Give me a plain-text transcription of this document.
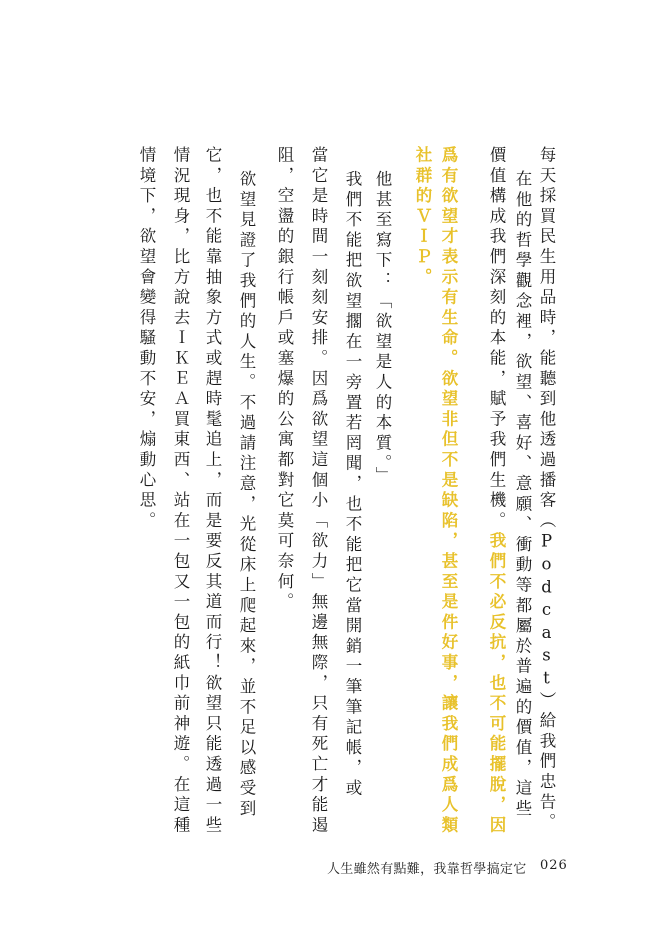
每天採買民生用品時，能聽到他透過播客（Podcast）給我們忠告。
在他的哲學觀念裡，欲望、喜好、意願、衝動等都屬於普遍的價值，這些
價值構成我們深刻的本能，賦予我們生機。我們不必反抗，也不可能擺脫，因
爲有欲望才表示有生命。欲望非但不是缺陷，甚至是件好事，讓我們成爲人類
社群的ＶＩＰ。
他甚至寫下：「欲望是人的本質。」
我們不能把欲望擱在一旁置若罔聞，也不能把它當開銷一筆筆記帳，或
當它是時間一刻刻安排。因爲欲望這個小「欲力」無邊無際，只有死亡才能遏
阻，空盪的銀行帳戶或塞爆的公寓都對它莫可奈何。
欲望見證了我們的人生。不過請注意，光從床上爬起來，並不足以感受到
它，也不能靠抽象方式或趕時髦追上，而是要反其道而行！欲望只能透過一些
情況現身，比方說去ＩＫＥＡ買東西、站在一包又一包的紙巾前神遊。在這種
情境下，欲望會變得騷動不安，煽動心思。
人生雖然有點難，我靠哲學搞定它 026
